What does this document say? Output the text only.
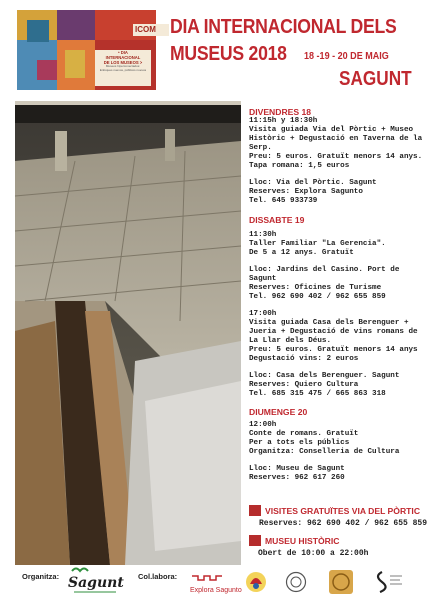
ICOM
• DIA
INTERNACIONAL
DE LOS MUSEOS >
Museos hiperconectados:
Enfoques nuevos, públicos nuevos
DIA INTERNACIONAL DELS
MUSEUS 2018 18 -19 - 20 DE MAIG
SAGUNT
DIVENDRES 18
11:15h y 18:30h
Visita guiada Via del Pòrtic + Museo
Històric + Degustació en Taverna de la
Serp.
Preu: 5 euros. Gratuït menors 14 anys.
Tapa romana: 1,5 euros
Lloc: Via del Pòrtic. Sagunt
Reserves: Explora Sagunto
Tel. 645 933739
DISSABTE 19
11:30h
Taller Familiar "La Gerencia".
De 5 a 12 anys. Gratuït
Lloc: Jardins del Casino. Port de
Sagunt
Reserves: Oficines de Turisme
Tel. 962 690 402 / 962 655 859
17:00h
Visita guiada Casa dels Berenguer +
Jueria + Degustació de vins romans de
La Llar dels Déus.
Preu: 5 euros. Gratuït menors 14 anys
Degustació vins: 2 euros
Lloc: Casa dels Berenguer. Sagunt
Reserves: Quiero Cultura
Tel. 685 315 475 / 665 863 318
DIUMENGE 20
12:00h
Conte de romans. Gratuït
Per a tots els públics
Organitza: Conselleria de Cultura
Lloc: Museu de Sagunt
Reserves: 962 617 260
VISITES GRATUÏTES VIA DEL PÒRTIC
Reserves: 962 690 402 / 962 655 859
MUSEU HISTÒRIC
Obert de 10:00 a 22:00h
Organitza: Sagunt Col.labora:
Explora Sagunto
